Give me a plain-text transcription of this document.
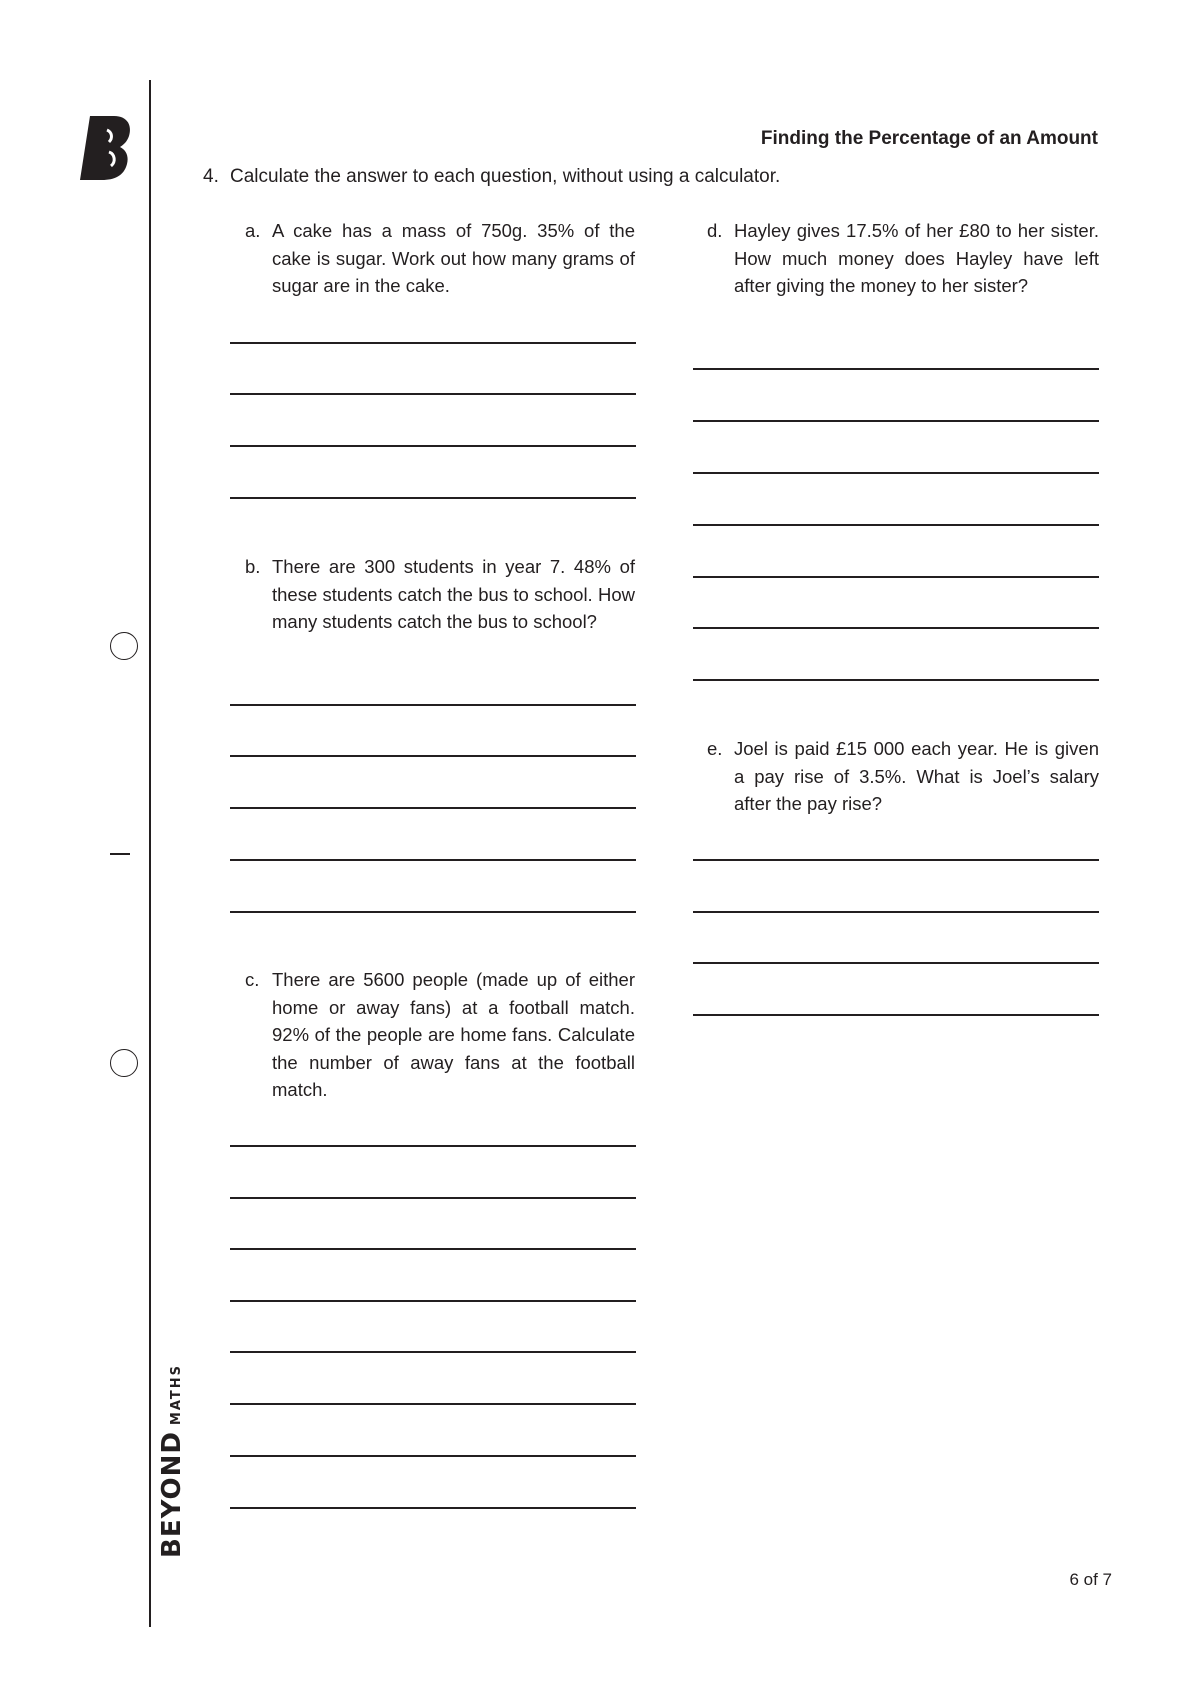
BEYONDMATHS
Finding the Percentage of an Amount
4. Calculate the answer to each question, without using a calculator.
a. A cake has a mass of 750g. 35% of the cake is sugar. Work out how many grams of sugar are in the cake.
b. There are 300 students in year 7. 48% of these students catch the bus to school. How many students catch the bus to school?
c. There are 5600 people (made up of either home or away fans) at a football match. 92% of the people are home fans. Calculate the number of away fans at the football match.
d. Hayley gives 17.5% of her £80 to her sister. How much money does Hayley have left after giving the money to her sister?
e. Joel is paid £15 000 each year. He is given a pay rise of 3.5%. What is Joel’s salary after the pay rise?
6 of 7
